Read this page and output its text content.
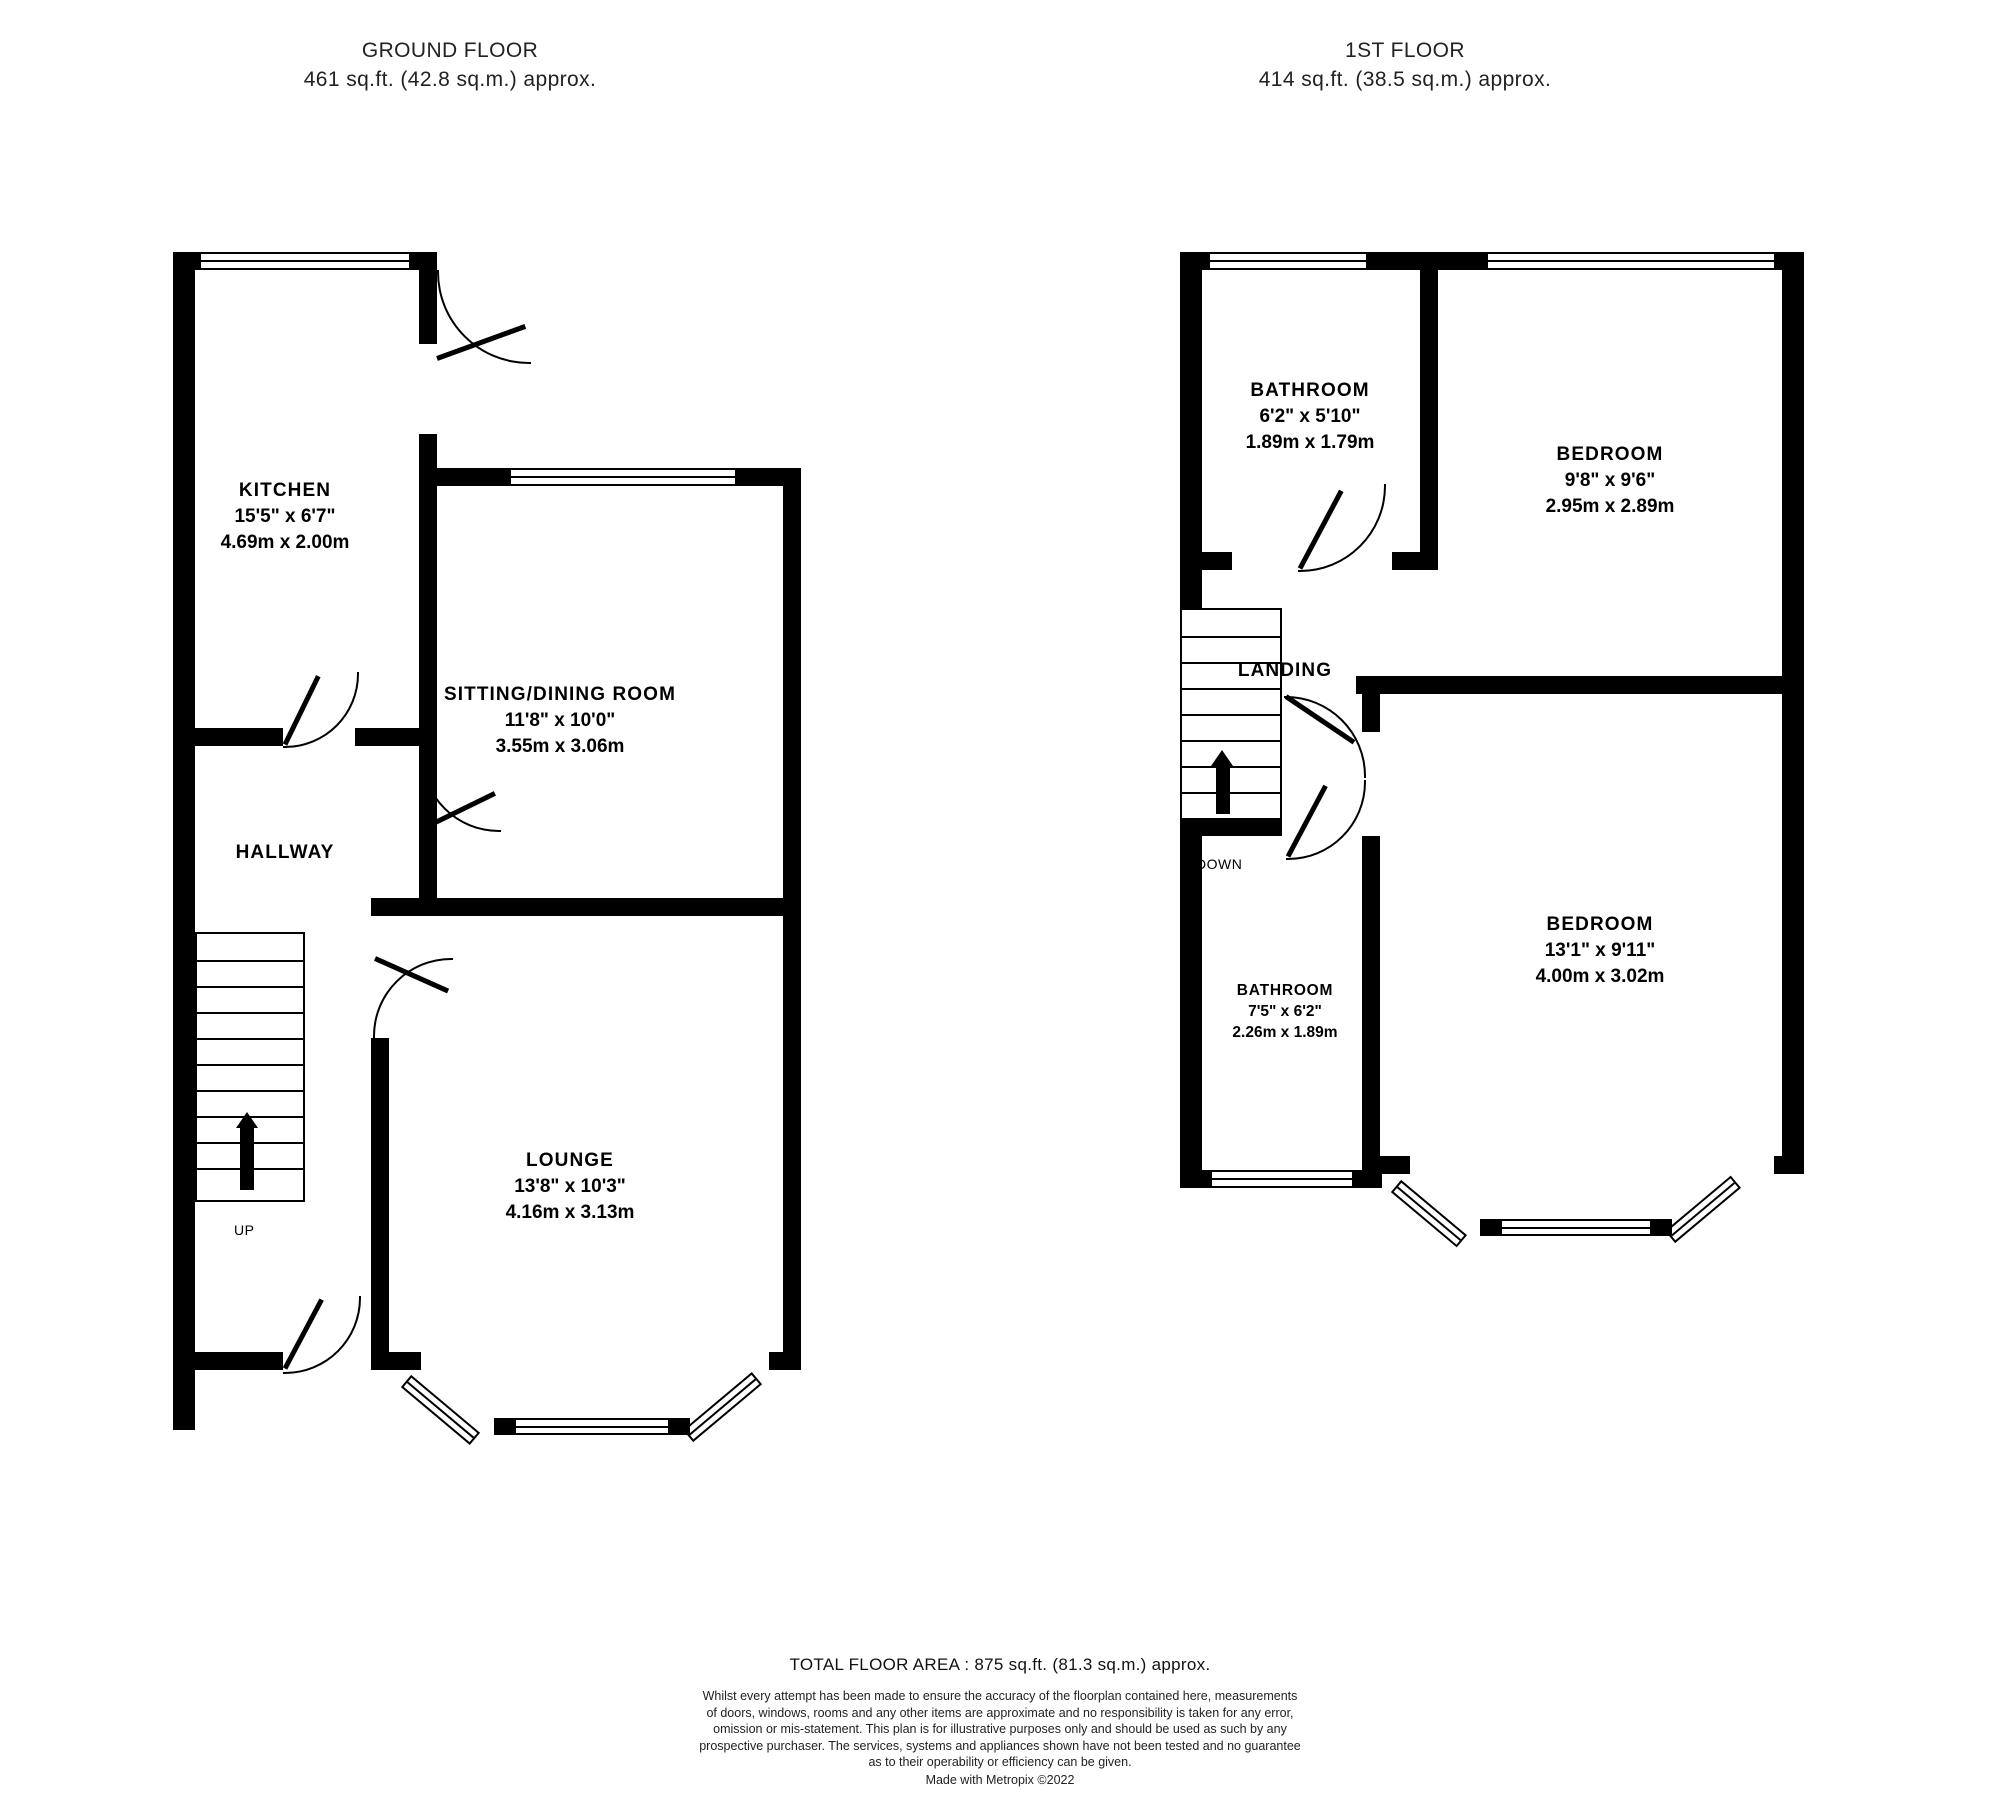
GROUND FLOOR
461 sq.ft. (42.8 sq.m.) approx.
1ST FLOOR
414 sq.ft. (38.5 sq.m.) approx.
UP
KITCHEN
15'5" x 6'7"
4.69m x 2.00m
SITTING/DINING ROOM
11'8" x 10'0"
3.55m x 3.06m
HALLWAY
LOUNGE
13'8" x 10'3"
4.16m x 3.13m
DOWN
BATHROOM
6'2" x 5'10"
1.89m x 1.79m
BEDROOM
9'8" x 9'6"
2.95m x 2.89m
LANDING
BEDROOM
13'1" x 9'11"
4.00m x 3.02m
BATHROOM
7'5" x 6'2"
2.26m x 1.89m
TOTAL FLOOR AREA : 875 sq.ft. (81.3 sq.m.) approx.
Whilst every attempt has been made to ensure the accuracy of the floorplan contained here, measurements
of doors, windows, rooms and any other items are approximate and no responsibility is taken for any error,
omission or mis-statement. This plan is for illustrative purposes only and should be used as such by any
prospective purchaser. The services, systems and appliances shown have not been tested and no guarantee
as to their operability or efficiency can be given.
Made with Metropix ©2022
